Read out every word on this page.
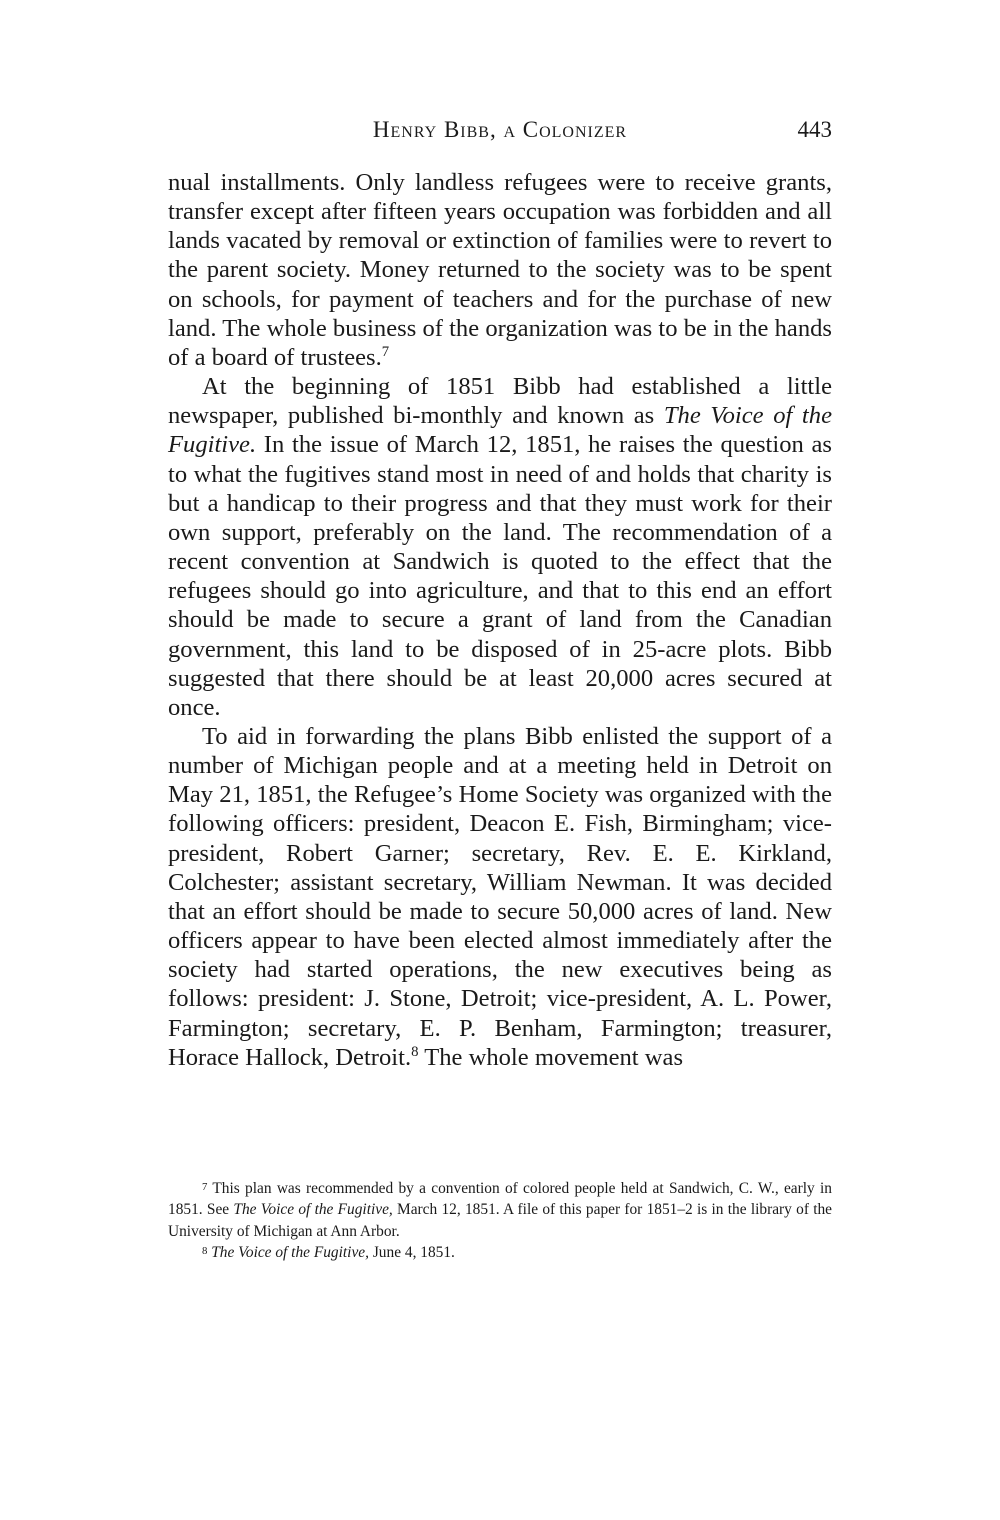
Henry Bibb, a Colonizer	443

nual installments. Only landless refugees were to receive grants, transfer except after fifteen years occupation was forbidden and all lands vacated by removal or extinction of families were to revert to the parent society. Money returned to the society was to be spent on schools, for payment of teachers and for the purchase of new land. The whole business of the organization was to be in the hands of a board of trustees.$^7$

At the beginning of 1851 Bibb had established a little newspaper, published bi-monthly and known as The Voice of the Fugitive. In the issue of March 12, 1851, he raises the question as to what the fugitives stand most in need of and holds that charity is but a handicap to their progress and that they must work for their own support, preferably on the land. The recommendation of a recent convention at Sandwich is quoted to the effect that the refugees should go into agriculture, and that to this end an effort should be made to secure a grant of land from the Canadian government, this land to be disposed of in 25-acre plots. Bibb suggested that there should be at least 20,000 acres secured at once.

To aid in forwarding the plans Bibb enlisted the support of a number of Michigan people and at a meeting held in Detroit on May 21, 1851, the Refugee’s Home Society was organized with the following officers: president, Deacon E. Fish, Birmingham; vice-president, Robert Garner; secretary, Rev. E. E. Kirkland, Colchester; assistant secretary, William Newman. It was decided that an effort should be made to secure 50,000 acres of land. New officers appear to have been elected almost immediately after the society had started operations, the new executives being as follows: president: J. Stone, Detroit; vice-president, A. L. Power, Farmington; secretary, E. P. Benham, Farmington; treasurer, Horace Hallock, Detroit.$^8$ The whole movement was

$^7$ This plan was recommended by a convention of colored people held at Sandwich, C. W., early in 1851. See The Voice of the Fugitive, March 12, 1851. A file of this paper for 1851–2 is in the library of the University of Michigan at Ann Arbor.

$^8$ The Voice of the Fugitive, June 4, 1851.
